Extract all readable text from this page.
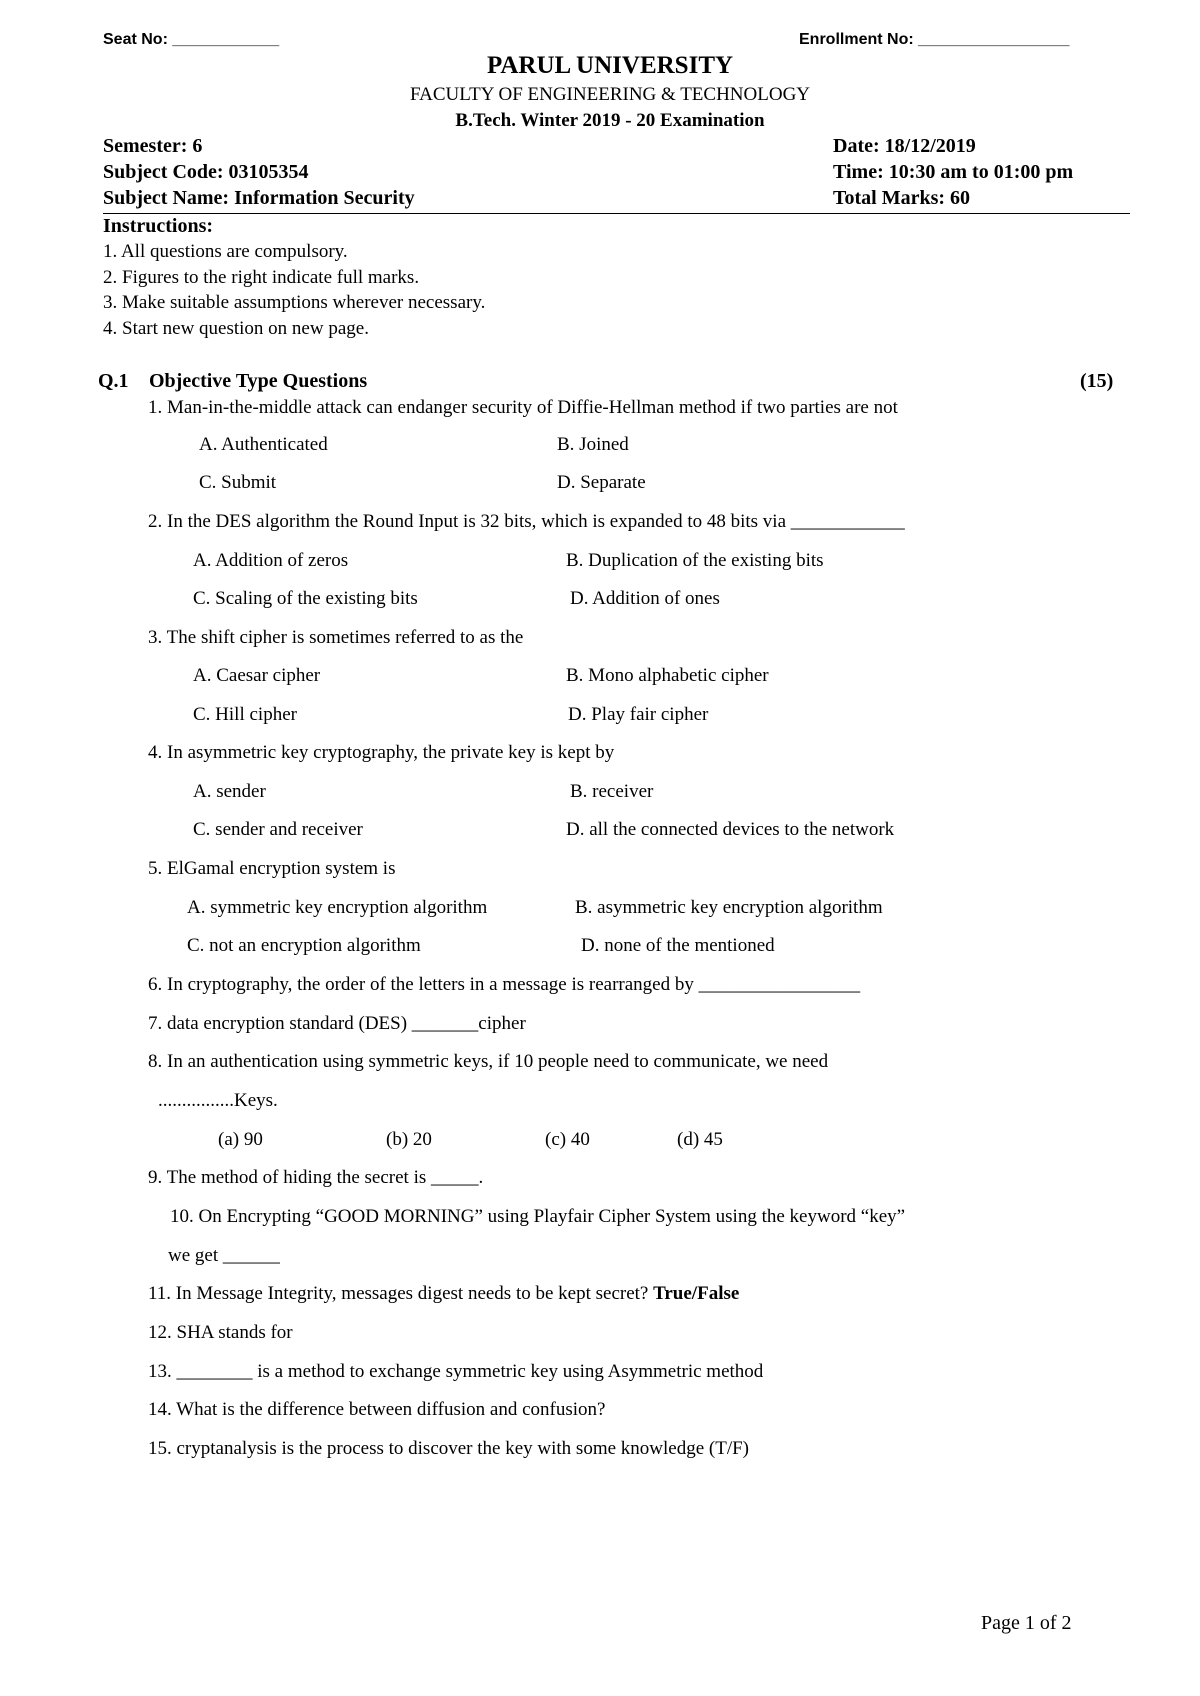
Seat No: ____________	Enrollment No: _________________
PARUL UNIVERSITY
FACULTY OF ENGINEERING & TECHNOLOGY
B.Tech. Winter 2019 - 20 Examination
Semester: 6	Date: 18/12/2019
Subject Code: 03105354	Time: 10:30 am to 01:00 pm
Subject Name: Information Security	Total Marks: 60
Instructions:
1. All questions are compulsory.
2. Figures to the right indicate full marks.
3. Make suitable assumptions wherever necessary.
4. Start new question on new page.
Q.1 Objective Type Questions	(15)
1. Man-in-the-middle attack can endanger security of Diffie-Hellman method if two parties are not
A. Authenticated	B. Joined
C. Submit	D. Separate
2. In the DES algorithm the Round Input is 32 bits, which is expanded to 48 bits via ____________
A. Addition of zeros	B. Duplication of the existing bits
C. Scaling of the existing bits	D. Addition of ones
3. The shift cipher is sometimes referred to as the
A. Caesar cipher	B. Mono alphabetic cipher
C. Hill cipher	D. Play fair cipher
4. In asymmetric key cryptography, the private key is kept by
A. sender	B. receiver
C. sender and receiver	D. all the connected devices to the network
5. ElGamal encryption system is
A. symmetric key encryption algorithm	B. asymmetric key encryption algorithm
C. not an encryption algorithm	D. none of the mentioned
6. In cryptography, the order of the letters in a message is rearranged by _________________
7. data encryption standard (DES) _______cipher
8. In an authentication using symmetric keys, if 10 people need to communicate, we need
................Keys.
(a) 90	(b) 20	(c) 40	(d) 45
9. The method of hiding the secret is _____.
10. On Encrypting “GOOD MORNING” using Playfair Cipher System using the keyword “key”
we get ______
11. In Message Integrity, messages digest needs to be kept secret? True/False
12. SHA stands for
13. ________ is a method to exchange symmetric key using Asymmetric method
14. What is the difference between diffusion and confusion?
15. cryptanalysis is the process to discover the key with some knowledge (T/F)
Page 1 of 2
